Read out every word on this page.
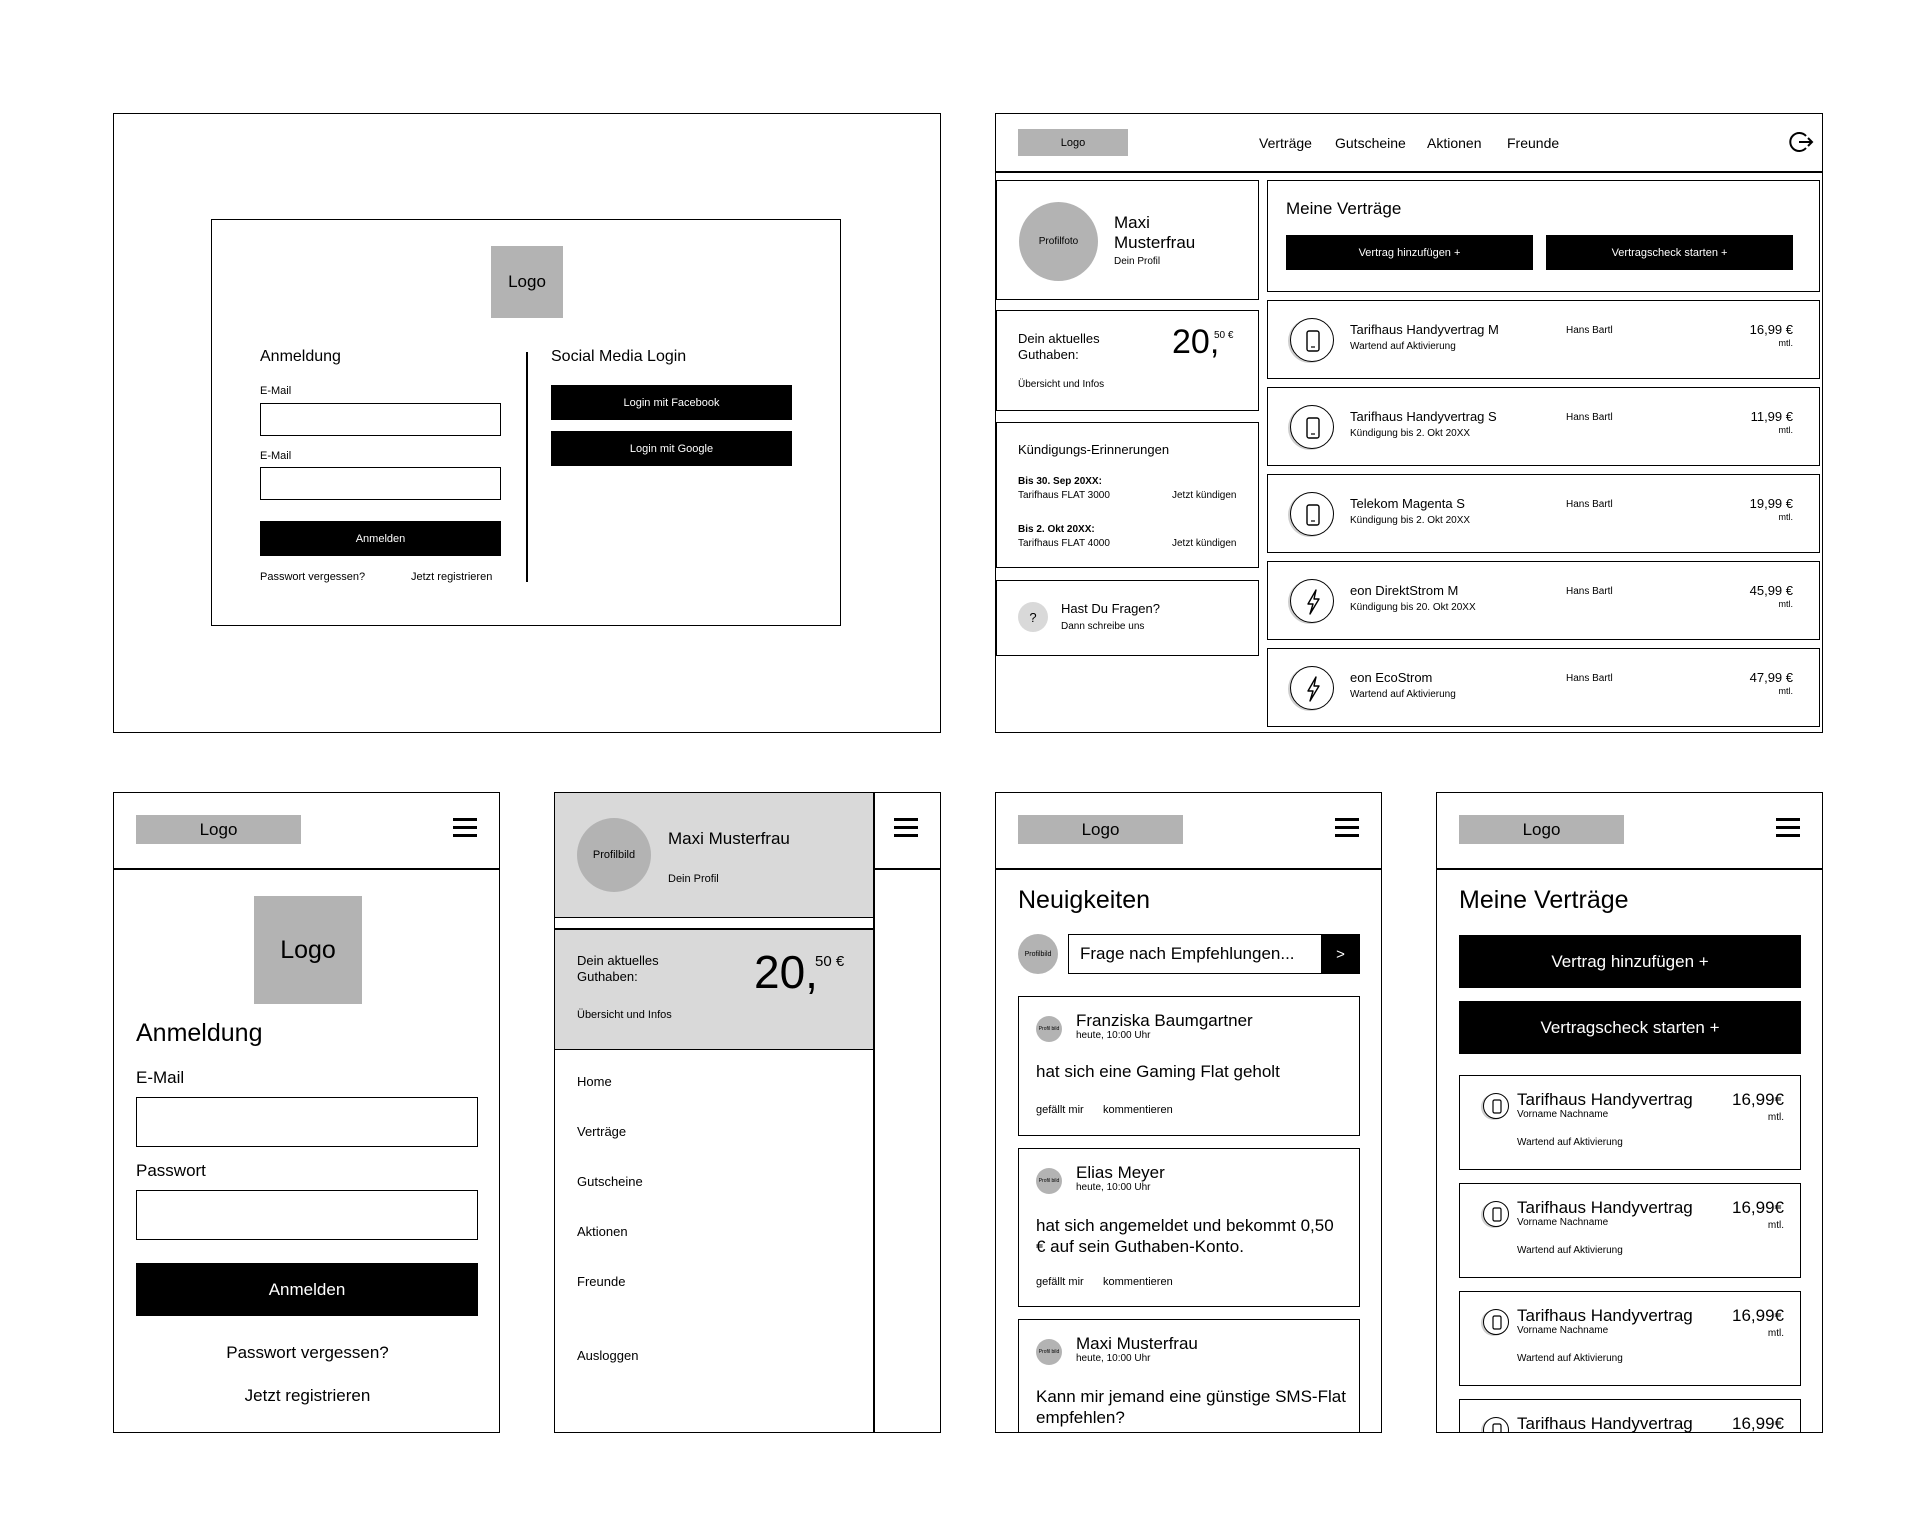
Logo
Anmeldung
E-Mail
E-Mail
Anmelden
Passwort vergessen?	Jetzt registrieren
Social Media Login
Login mit Facebook
Login mit Google
Logo	Verträge Gutscheine Aktionen Freunde
Profilfoto
Maxi Musterfrau
Dein Profil
Dein aktuelles Guthaben:	20,
50 €
Übersicht und Infos
Kündigungs-Erinnerungen
Bis 30. Sep 20XX:
Tarifhaus FLAT 3000	Jetzt kündigen
Bis 2. Okt 20XX:
Tarifhaus FLAT 4000	Jetzt kündigen
?
Hast Du Fragen?
Dann schreibe uns
Meine Verträge
Vertrag hinzufügen +	Vertragscheck starten +
Tarifhaus Handyvertrag M
Wartend auf Aktivierung
Hans Bartl	16,99 €
mtl.
Tarifhaus Handyvertrag S
Kündigung bis 2. Okt 20XX
Hans Bartl	11,99 €
mtl.
Telekom Magenta S
Kündigung bis 2. Okt 20XX
Hans Bartl	19,99 €
mtl.
eon DirektStrom M
Kündigung bis 20. Okt 20XX
Hans Bartl	45,99 €
mtl.
eon EcoStrom
Wartend auf Aktivierung
Hans Bartl	47,99 €
mtl.
Logo
Logo
Anmeldung
E-Mail
Passwort
Anmelden
Passwort vergessen?
Jetzt registrieren
Profilbild
Maxi Musterfrau
Dein Profil
Dein aktuelles Guthaben:	20,
50 €
Übersicht und Infos
Home
Verträge
Gutscheine
Aktionen
Freunde
Ausloggen
Logo
Neuigkeiten
Profilbild	Frage nach Empfehlungen...	>
Profil bild Franziska Baumgartner
heute, 10:00 Uhr
hat sich eine Gaming Flat geholt
gefällt mir kommentieren
Profil bild Elias Meyer
heute, 10:00 Uhr
hat sich angemeldet und bekommt 0,50 € auf sein Guthaben-Konto.
gefällt mir kommentieren
Profil bild Maxi Musterfrau
heute, 10:00 Uhr
Kann mir jemand eine günstige SMS-Flat empfehlen?
Logo
Meine Verträge
Vertrag hinzufügen +
Vertragscheck starten +
Tarifhaus Handyvertrag	16,99€
Vorname Nachname	mtl.
Wartend auf Aktivierung
Tarifhaus Handyvertrag	16,99€
Vorname Nachname	mtl.
Wartend auf Aktivierung
Tarifhaus Handyvertrag	16,99€
Vorname Nachname	mtl.
Wartend auf Aktivierung
Tarifhaus Handyvertrag	16,99€
